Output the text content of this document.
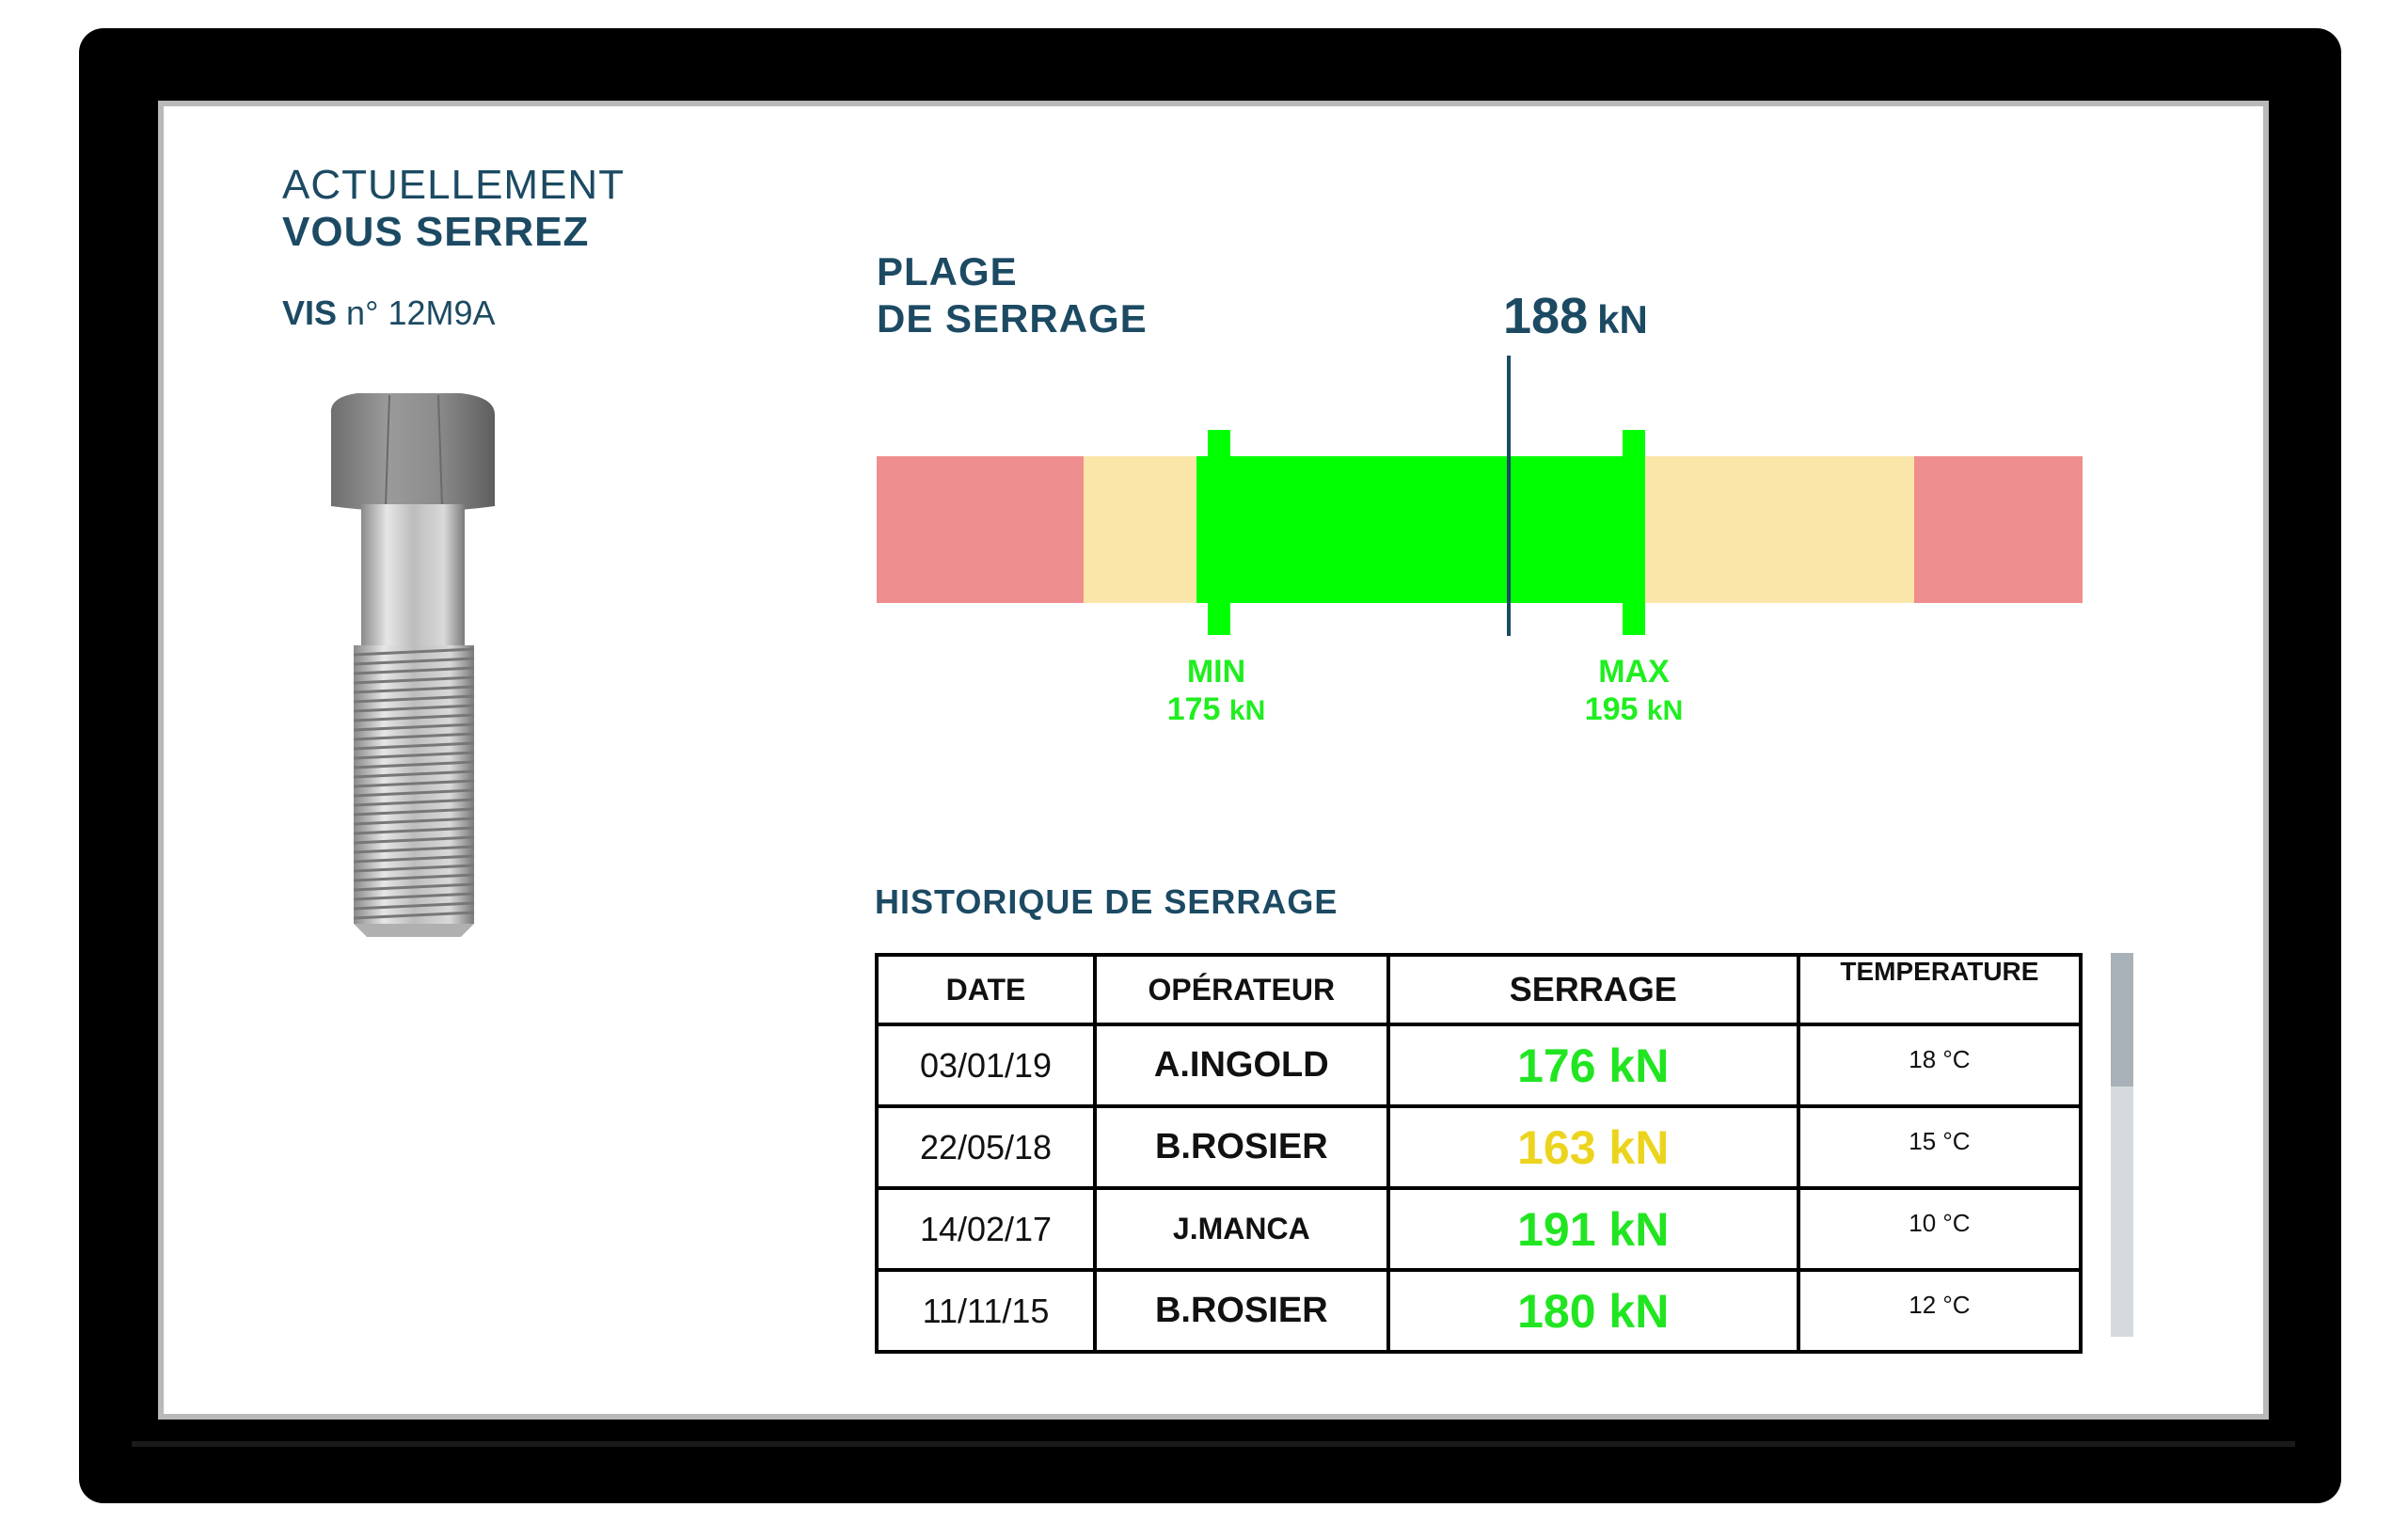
ACTUELLEMENT
VOUS SERREZ
VIS n° 12M9A
PLAGE
DE SERRAGE	188 kN
MIN
175 kN
MAX
195 kN
HISTORIQUE DE SERRAGE
DATE	OPÉRATEUR	SERRAGE	TEMPERATURE
03/01/19	A.INGOLD	176 kN	18 °C
22/05/18	B.ROSIER	163 kN	15 °C
14/02/17	J.MANCA	191 kN	10 °C
11/11/15	B.ROSIER	180 kN	12 °C
